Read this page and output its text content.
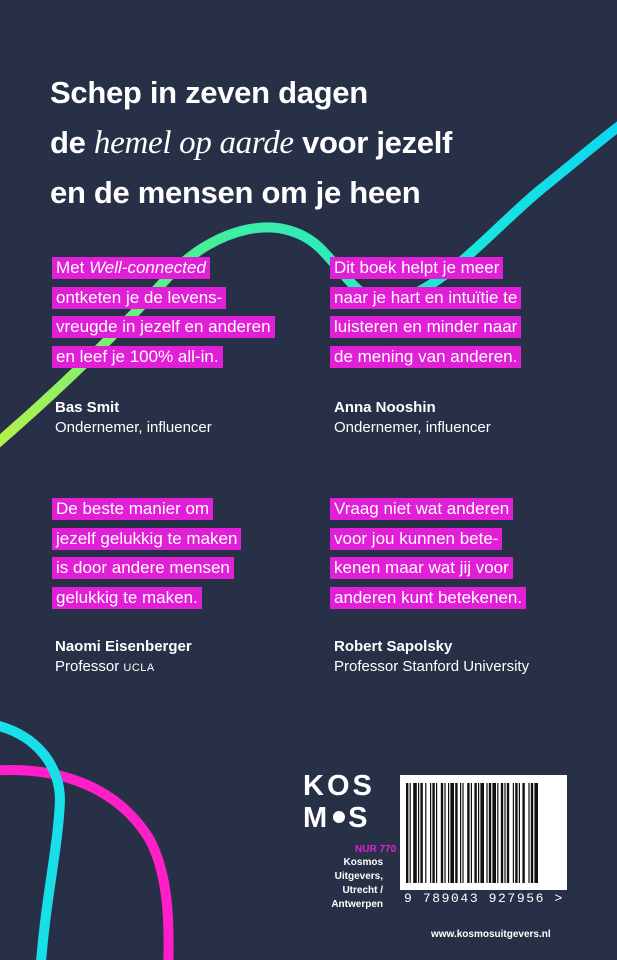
Schep in zeven dagen
de hemel op aarde voor jezelf
en de mensen om je heen
Met Well-connected
ontketen je de levens-
vreugde in jezelf en anderen
en leef je 100% all-in.
Bas Smit
Ondernemer, influencer
Dit boek helpt je meer
naar je hart en intuïtie te
luisteren en minder naar
de mening van anderen.
Anna Nooshin
Ondernemer, influencer
De beste manier om
jezelf gelukkig te maken
is door andere mensen
gelukkig te maken.
Naomi Eisenberger
Professor UCLA
Vraag niet wat anderen
voor jou kunnen bete-
kenen maar wat jij voor
anderen kunt betekenen.
Robert Sapolsky
Professor Stanford University
KOS
M S
NUR 770
Kosmos Uitgevers,
Utrecht / Antwerpen 9 789043 927956 >
www.kosmosuitgevers.nl
